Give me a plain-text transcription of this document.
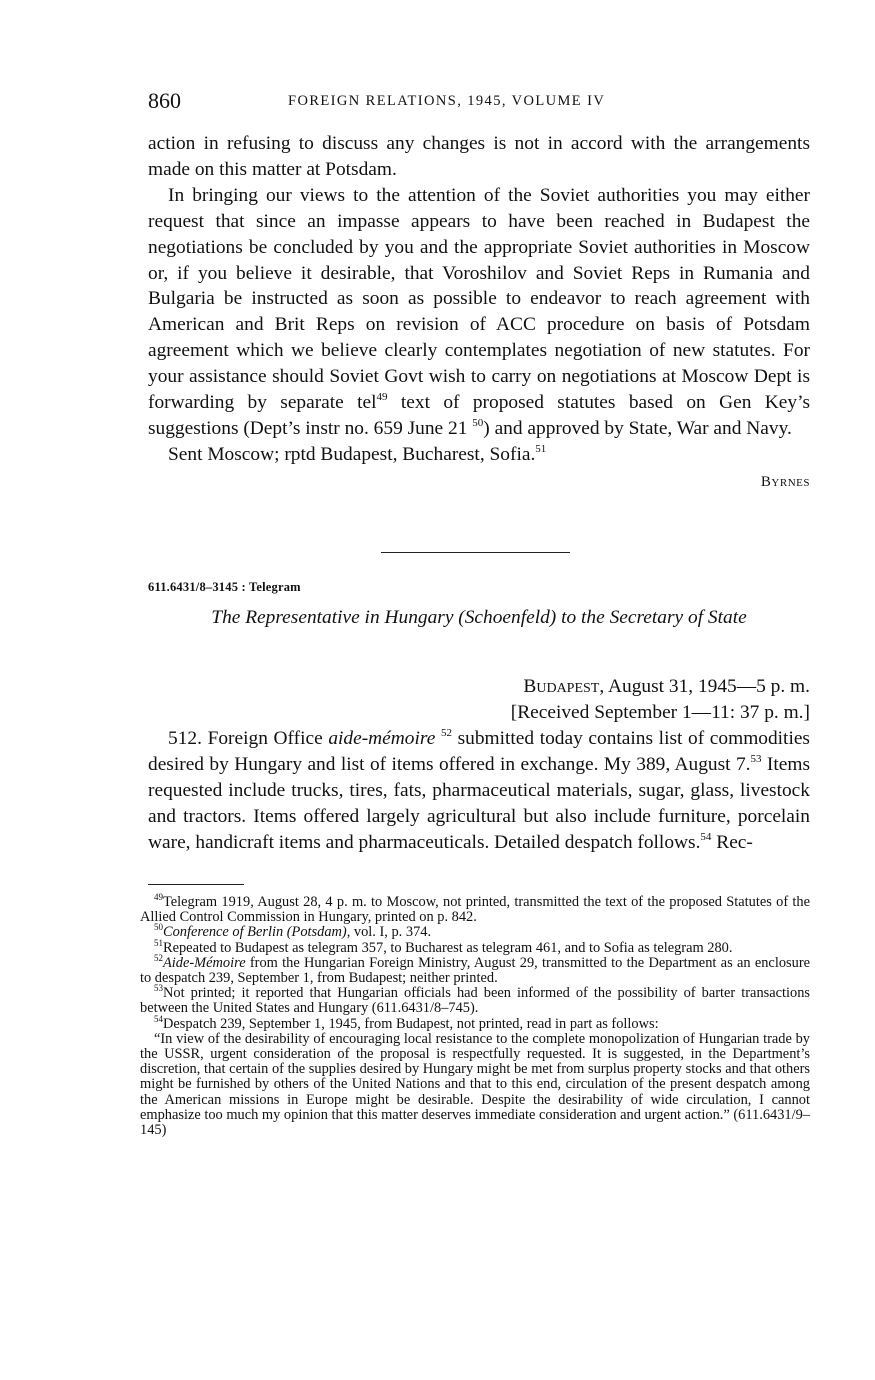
860	FOREIGN RELATIONS, 1945, VOLUME IV

action in refusing to discuss any changes is not in accord with the arrangements made on this matter at Potsdam.

In bringing our views to the attention of the Soviet authorities you may either request that since an impasse appears to have been reached in Budapest the negotiations be concluded by you and the appropriate Soviet authorities in Moscow or, if you believe it desirable, that Voroshilov and Soviet Reps in Rumania and Bulgaria be instructed as soon as possible to endeavor to reach agreement with American and Brit Reps on revision of ACC procedure on basis of Potsdam agreement which we believe clearly contemplates negotiation of new statutes. For your assistance should Soviet Govt wish to carry on negotiations at Moscow Dept is forwarding by separate tel$^{49}$ text of proposed statutes based on Gen Key’s suggestions (Dept’s instr no. 659 June 21 $^{50}$) and approved by State, War and Navy.

Sent Moscow; rptd Budapest, Bucharest, Sofia.$^{51}$

Byrnes
611.6431/8–3145 : Telegram
The Representative in Hungary (Schoenfeld) to the Secretary of State
Budapest, August 31, 1945—5 p. m.
[Received September 1—11: 37 p. m.]

512. Foreign Office aide-mémoire $^{52}$ submitted today contains list of commodities desired by Hungary and list of items offered in exchange. My 389, August 7.53 Items requested include trucks, tires, fats, pharmaceutical materials, sugar, glass, livestock and tractors. Items offered largely agricultural but also include furniture, porcelain ware, handicraft items and pharmaceuticals. Detailed despatch follows.$^{54}$ Rec-

$^{49}$Telegram 1919, August 28, 4 p. m. to Moscow, not printed, transmitted the text of the proposed Statutes of the Allied Control Commission in Hungary, printed on p. 842.

$^{50}$Conference of Berlin (Potsdam), vol. I, p. 374.

$^{51}$Repeated to Budapest as telegram 357, to Bucharest as telegram 461, and to Sofia as telegram 280.

$^{52}$Aide-Mémoire from the Hungarian Foreign Ministry, August 29, transmitted to the Department as an enclosure to despatch 239, September 1, from Budapest; neither printed.

$^{53}$Not printed; it reported that Hungarian officials had been informed of the possibility of barter transactions between the United States and Hungary (611.6431/8–745).

$^{54}$Despatch 239, September 1, 1945, from Budapest, not printed, read in part as follows:

“In view of the desirability of encouraging local resistance to the complete monopolization of Hungarian trade by the USSR, urgent consideration of the proposal is respectfully requested. It is suggested, in the Department’s discretion, that certain of the supplies desired by Hungary might be met from surplus property stocks and that others might be furnished by others of the United Nations and that to this end, circulation of the present despatch among the American missions in Europe might be desirable. Despite the desirability of wide circulation, I cannot emphasize too much my opinion that this matter deserves immediate consideration and urgent action.” (611.6431/9–145)
